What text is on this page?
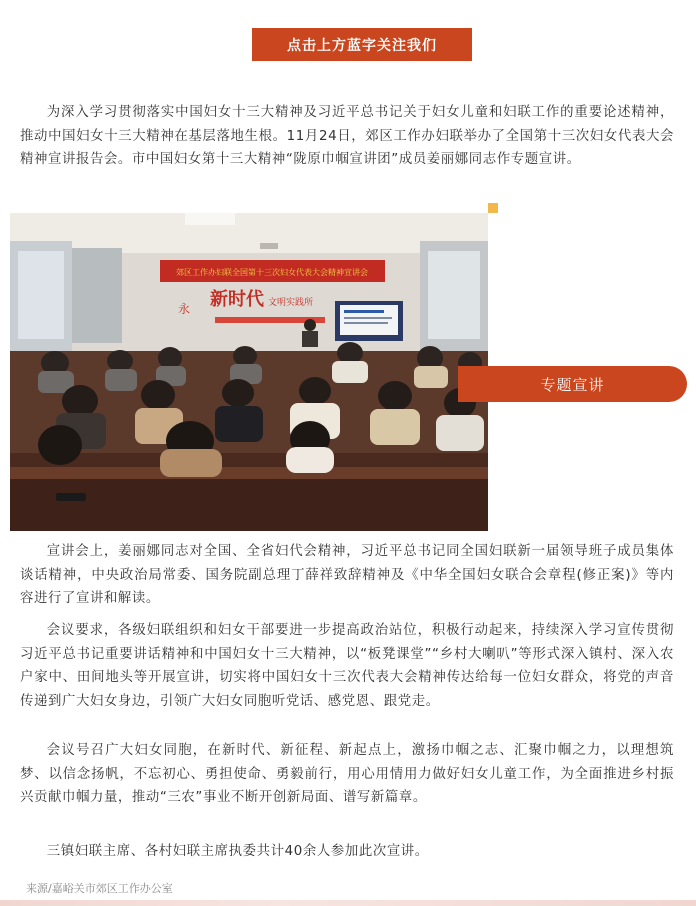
点击上方蓝字关注我们

为深入学习贯彻落实中国妇女十三大精神及习近平总书记关于妇女儿童和妇联工作的重要论述精神，推动中国妇女十三大精神在基层落地生根。11月24日，郊区工作办妇联举办了全国第十三次妇女代表大会精神宣讲报告会。市中国妇女第十三大精神“陇原巾帼宣讲团”成员姜丽娜同志作专题宣讲。

郊区工作办妇联全国第十三次妇女代表大会精神宣讲会
新时代 文明实践所
永
专题宣讲

宣讲会上，姜丽娜同志对全国、全省妇代会精神，习近平总书记同全国妇联新一届领导班子成员集体谈话精神，中央政治局常委、国务院副总理丁薛祥致辞精神及《中华全国妇女联合会章程(修正案)》等内容进行了宣讲和解读。

会议要求，各级妇联组织和妇女干部要进一步提高政治站位，积极行动起来，持续深入学习宣传贯彻习近平总书记重要讲话精神和中国妇女十三大精神，以“板凳课堂”“乡村大喇叭”等形式深入镇村、深入农户家中、田间地头等开展宣讲，切实将中国妇女十三次代表大会精神传达给每一位妇女群众，将党的声音传递到广大妇女身边，引领广大妇女同胞听党话、感党恩、跟党走。

会议号召广大妇女同胞，在新时代、新征程、新起点上，激扬巾帼之志、汇聚巾帼之力，以理想筑梦、以信念扬帆，不忘初心、勇担使命、勇毅前行，用心用情用力做好妇女儿童工作，为全面推进乡村振兴贡献巾帼力量，推动“三农”事业不断开创新局面、谱写新篇章。

三镇妇联主席、各村妇联主席执委共计40余人参加此次宣讲。

来源/嘉峪关市郊区工作办公室
